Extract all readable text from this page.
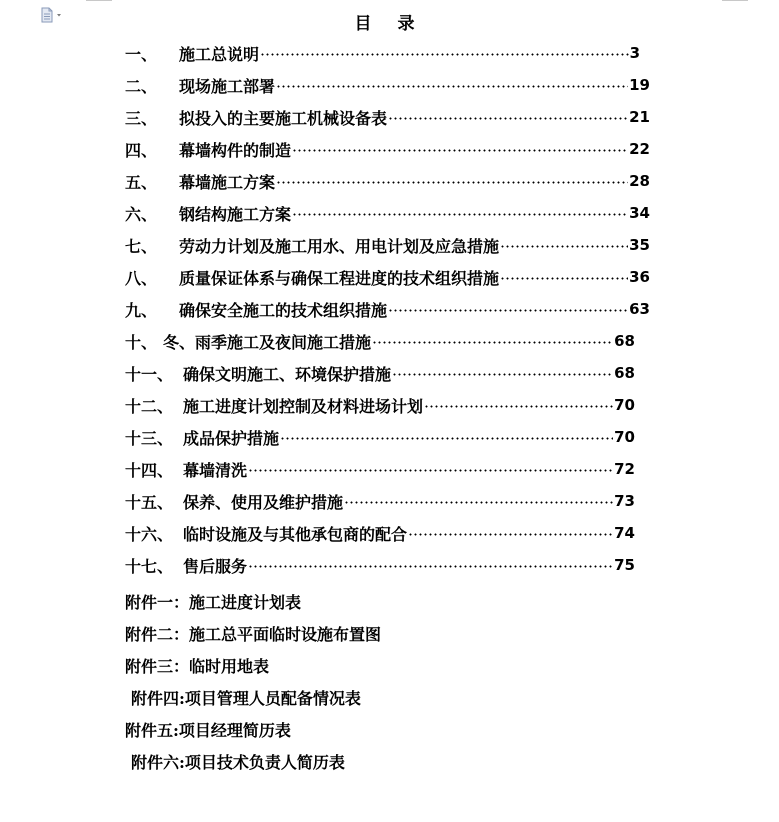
目 录
一、	施工总说明	3
二、	现场施工部署	19
三、	拟投入的主要施工机械设备表	21
四、	幕墙构件的制造	22
五、	幕墙施工方案	28
六、	钢结构施工方案	34
七、	劳动力计划及施工用水、用电计划及应急措施	35
八、	质量保证体系与确保工程进度的技术组织措施	36
九、	确保安全施工的技术组织措施	63
十、 冬、雨季施工及夜间施工措施	68
十一、 确保文明施工、环境保护措施	68
十二、 施工进度计划控制及材料进场计划	70
十三、 成品保护措施	70
十四、 幕墙清洗	72
十五、 保养、使用及维护措施	73
十六、 临时设施及与其他承包商的配合	74
十七、 售后服务	75
附件一：施工进度计划表
附件二：施工总平面临时设施布置图
附件三：临时用地表
附件四:项目管理人员配备情况表
附件五:项目经理简历表
附件六:项目技术负责人简历表
